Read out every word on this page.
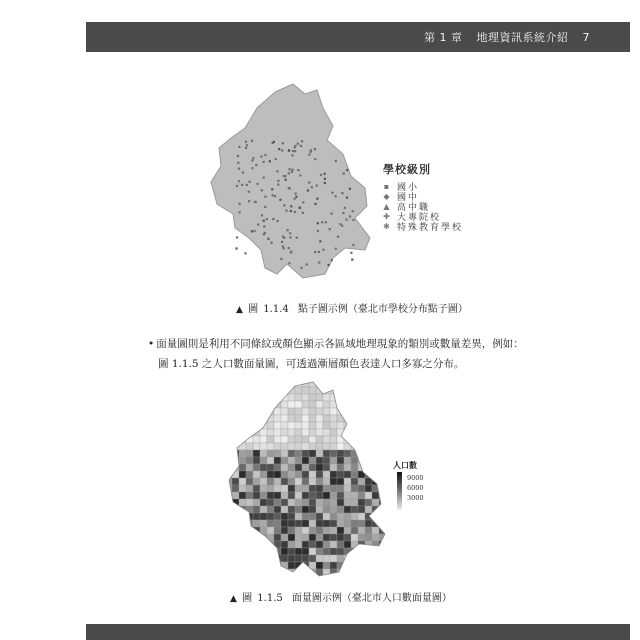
第 1 章 地理資訊系統介紹 7
學校級別
▪ 國小
◆ 國中
▲ 高中職
✚ 大專院校
✱ 特殊教育學校
▲ 圖 1.1.4 點子圖示例（臺北市學校分布點子圖）
• 面量圖則是利用不同條紋或顏色顯示各區域地理現象的類別或數量差異，例如：
圖 1.1.5 之人口數面量圖，可透過漸層顏色表達人口多寡之分布。
人口數
9000
6000
3000
▲ 圖 1.1.5 面量圖示例（臺北市人口數面量圖）
